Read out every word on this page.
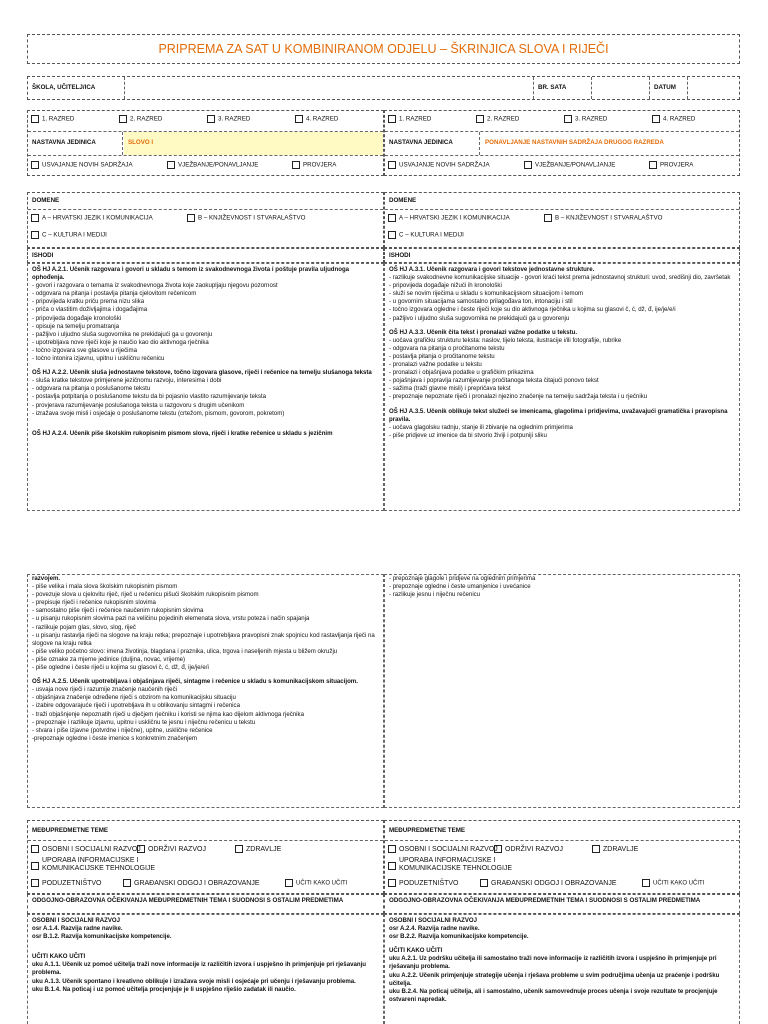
PRIPREMA ZA SAT U KOMBINIRANOM ODJELU – ŠKRINJICA SLOVA I RIJEČI
ŠKOLA, UČITELJ/ICA	BR. SATA	DATUM
1. RAZRED	2. RAZRED	3. RAZRED	4. RAZRED
NASTAVNA JEDINICA	SLOVO I
USVAJANJE NOVIH SADRŽAJA	VJEŽBANJE/PONAVLJANJE	PROVJERA
1. RAZRED	2. RAZRED	3. RAZRED	4. RAZRED
NASTAVNA JEDINICA	PONAVLJANJE NASTAVNIH SADRŽAJA DRUGOG RAZREDA
USVAJANJE NOVIH SADRŽAJA	VJEŽBANJE/PONAVLJANJE	PROVJERA
DOMENE
A – HRVATSKI JEZIK I KOMUNIKACIJA	B – KNJIŽEVNOST I STVARALAŠTVO
C – KULTURA I MEDIJI
DOMENE
A – HRVATSKI JEZIK I KOMUNIKACIJA	B – KNJIŽEVNOST I STVARALAŠTVO
C – KULTURA I MEDIJI
ISHODI	ISHODI
OŠ HJ A.2.1. Učenik razgovara i govori u skladu s temom iz svakodnevnoga života i poštuje pravila uljudnoga ophođenja.
- govori i razgovara o temama iz svakodnevnoga života koje zaokupljaju njegovu pozornost
- odgovara na pitanja i postavlja pitanja cjelovitom rečenicom
- pripovijeda kratku priču prema nizu slika
- priča o vlastitim doživljajima i događajima
- pripovijeda događaje kronološki
- opisuje na temelju promatranja
- pažljivo i uljudno sluša sugovornika ne prekidajući ga u govorenju
- upotrebljava nove riječi koje je naučio kao dio aktivnoga rječnika
- točno izgovara sve glasove u riječima
- točno intonira izjavnu, upitnu i uskličnu rečenicu
OŠ HJ A.2.2. Učenik sluša jednostavne tekstove, točno izgovara glasove, riječi i rečenice na temelju slušanoga teksta
- sluša kratke tekstove primjerene jezičnomu razvoju, interesima i dobi
- odgovara na pitanja o poslušanome tekstu
- postavlja potpitanja o poslušanome tekstu da bi pojasnio vlastito razumijevanje teksta
- provjerava razumijevanje poslušanoga teksta u razgovoru s drugim učenikom
- izražava svoje misli i osjećaje o poslušanome tekstu (crtežom, pismom, govorom, pokretom)
OŠ HJ A.2.4. Učenik piše školskim rukopisnim pismom slova, riječi i kratke rečenice u skladu s jezičnim
OŠ HJ A.3.1. Učenik razgovara i govori tekstove jednostavne strukture.
- razlikuje svakodnevne komunikacijske situacije - govori kraći tekst prema jednostavnoj strukturi: uvod, središnji dio, završetak
- pripovijeda događaje nižući ih kronološki
- služi se novim riječima u skladu s komunikacijskom situacijom i temom
- u govornim situacijama samostalno prilagođava ton, intonaciju i stil
- točno izgovara ogledne i česte riječi koje su dio aktivnoga rječnika u kojima su glasovi č, ć, dž, đ, ije/je/e/i
- pažljivo i uljudno sluša sugovornika ne prekidajući ga u govorenju
OŠ HJ A.3.3. Učenik čita tekst i pronalazi važne podatke u tekstu.
- uočava grafičku strukturu teksta: naslov, tijelo teksta, ilustracije i/ili fotografije, rubrike
- odgovara na pitanja o pročitanome tekstu
- postavlja pitanja o pročitanome tekstu
- pronalazi važne podatke u tekstu
- pronalazi i objašnjava podatke u grafičkim prikazima
- pojašnjava i popravlja razumijevanje pročitanoga teksta čitajući ponovo tekst
- sažima (traži glavne misli) i prepričava tekst
- prepoznaje nepoznate riječi i pronalazi njezino značenje na temelju sadržaja teksta i u rječniku
OŠ HJ A.3.5. Učenik oblikuje tekst služeći se imenicama, glagolima i pridjevima, uvažavajući gramatička i pravopisna pravila.
- uočava glagolsku radnju, stanje ili zbivanje na oglednim primjerima
- piše pridjeve uz imenice da bi stvorio živiji i potpuniji sliku
razvojem.
- piše velika i mala slova školskim rukopisnim pismom
- povezuje slova u cjelovitu riječ, riječ u rečenicu pišući školskim rukopisnim pismom
- prepisuje riječi i rečenice rukopisnim slovima
- samostalno piše riječi i rečenice naučenim rukopisnim slovima
- u pisanju rukopisnim slovima pazi na veličinu pojedinih elemenata slova, vrstu poteza i način spajanja
- razlikuje pojam glas, slovo, slog, riječ
- u pisanju rastavlja riječi na slogove na kraju retka; prepoznaje i upotrebljava pravopisni znak spojnicu kod rastavljanja riječi na slogove na kraju retka
- piše veliko početno slovo: imena životinja, blagdana i praznika, ulica, trgova i naseljenih mjesta u bližem okružju
- piše oznake za mjerne jedinice (duljina, novac, vrijeme)
- piše ogledne i česte riječi u kojima su glasovi č, ć, dž, đ, ije/je/e/i
OŠ HJ A.2.5. Učenik upotrebljava i objašnjava riječi, sintagme i rečenice u skladu s komunikacijskom situacijom.
- usvaja nove riječi i razumije značenje naučenih riječi
- objašnjava značenje određene riječi s obzirom na komunikacijsku situaciju
- izabire odgovarajuće riječi i upotrebljava ih u oblikovanju sintagmi i rečenica
- traži objašnjenje nepoznatih riječi u dječjem rječniku i koristi se njima kao dijelom aktivnoga rječnika
- prepoznaje i razlikuje izjavnu, upitnu i uskličnu te jesnu i niječnu rečenicu u tekstu
- stvara i piše izjavne (potvrdne i niječne), upitne, usklične rečenice
-prepoznaje ogledne i česte imenice s konkretnim značenjem
- prepoznaje glagole i pridjeve na oglednim primjerima
- prepoznaje ogledne i česte umanjenice i uvećanice
- razlikuje jesnu i niječnu rečenicu
MEĐUPREDMETNE TEME
OSOBNI I SOCIJALNI RAZVOJ ODRŽIVI RAZVOJ	ZDRAVLJE
UPORABA INFORMACIJSKE I KOMUNIKACIJSKE TEHNOLOGIJE
PODUZETNIŠTVO	GRAĐANSKI ODGOJ I OBRAZOVANJE	UČITI KAKO UČITI
MEĐUPREDMETNE TEME
OSOBNI I SOCIJALNI RAZVOJ ODRŽIVI RAZVOJ	ZDRAVLJE
UPORABA INFORMACIJSKE I KOMUNIKACIJSKE TEHNOLOGIJE
PODUZETNIŠTVO	GRAĐANSKI ODGOJ I OBRAZOVANJE	UČITI KAKO UČITI
ODGOJNO-OBRAZOVNA OČEKIVANJA MEĐUPREDMETNIH TEMA I SUODNOSI S OSTALIM PREDMETIMA	ODGOJNO-OBRAZOVNA OČEKIVANJA MEĐUPREDMETNIH TEMA I SUODNOSI S OSTALIM PREDMETIMA
OSOBNI I SOCIJALNI RAZVOJ
osr A.1.4. Razvija radne navike.
osr B.1.2. Razvija komunikacijske kompetencije.
UČITI KAKO UČITI
uku A.1.1. Učenik uz pomoć učitelja traži nove informacije iz različitih izvora i uspješno ih primjenjuje pri rješavanju problema.
uku A.1.3. Učenik spontano i kreativno oblikuje i izražava svoje misli i osjećaje pri učenju i rješavanju problema.
uku B.1.4. Na poticaj i uz pomoć učitelja procjenjuje je li uspješno riješio zadatak ili naučio.
OSOBNI I SOCIJALNI RAZVOJ
osr A.2.4. Razvija radne navike.
osr B.2.2. Razvija komunikacijske kompetencije.
UČITI KAKO UČITI
uku A.2.1. Uz podršku učitelja ili samostalno traži nove informacije iz različitih izvora i uspješno ih primjenjuje pri rješavanju problema.
uku A.2.2. Učenik primjenjuje strategije učenja i rješava probleme u svim područjima učenja uz praćenje i podršku učitelja.
uku B.2.4. Na poticaj učitelja, ali i samostalno, učenik samovrednuje proces učenja i svoje rezultate te procjenjuje ostvareni napredak.
